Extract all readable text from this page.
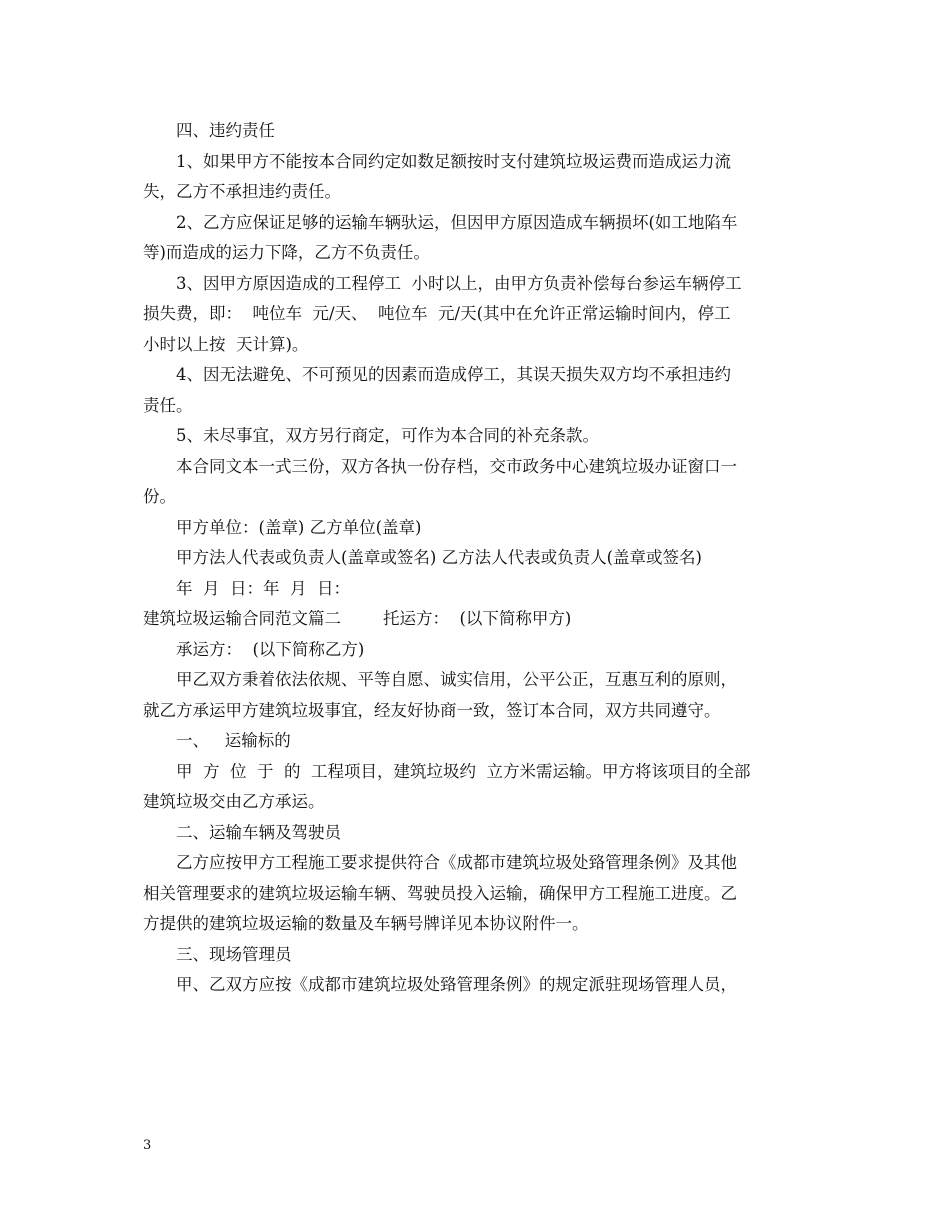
四、违约责任
1、如果甲方不能按本合同约定如数足额按时支付建筑垃圾运费而造成运力流
失，乙方不承担违约责任。
2、乙方应保证足够的运输车辆驮运，但因甲方原因造成车辆损坏(如工地陷车
等)而造成的运力下降，乙方不负责任。
3、因甲方原因造成的工程停工  小时以上，由甲方负责补偿每台参运车辆停工
损失费，即：  吨位车  元/天、  吨位车  元/天(其中在允许正常运输时间内，停工
小时以上按  天计算)。
4、因无法避免、不可预见的因素而造成停工，其误天损失双方均不承担违约
责任。
5、未尽事宜，双方另行商定，可作为本合同的补充条款。
本合同文本一式三份，双方各执一份存档，交市政务中心建筑垃圾办证窗口一
份。
甲方单位：(盖章) 乙方单位(盖章)
甲方法人代表或负责人(盖章或签名) 乙方法人代表或负责人(盖章或签名)
年  月  日：年  月  日：
建筑垃圾运输合同范文篇二        托运方：  (以下简称甲方)
承运方：  (以下简称乙方)
甲乙双方秉着依法依规、平等自愿、诚实信用，公平公正，互惠互利的原则，
就乙方承运甲方建筑垃圾事宜，经友好协商一致，签订本合同，双方共同遵守。
一、   运输标的
甲  方  位  于  的  工程项目，建筑垃圾约  立方米需运输。甲方将该项目的全部
建筑垃圾交由乙方承运。
二、运输车辆及驾驶员
乙方应按甲方工程施工要求提供符合《成都市建筑垃圾处臵管理条例》及其他
相关管理要求的建筑垃圾运输车辆、驾驶员投入运输，确保甲方工程施工进度。乙
方提供的建筑垃圾运输的数量及车辆号牌详见本协议附件一。
三、现场管理员
甲、乙双方应按《成都市建筑垃圾处臵管理条例》的规定派驻现场管理人员，
3
